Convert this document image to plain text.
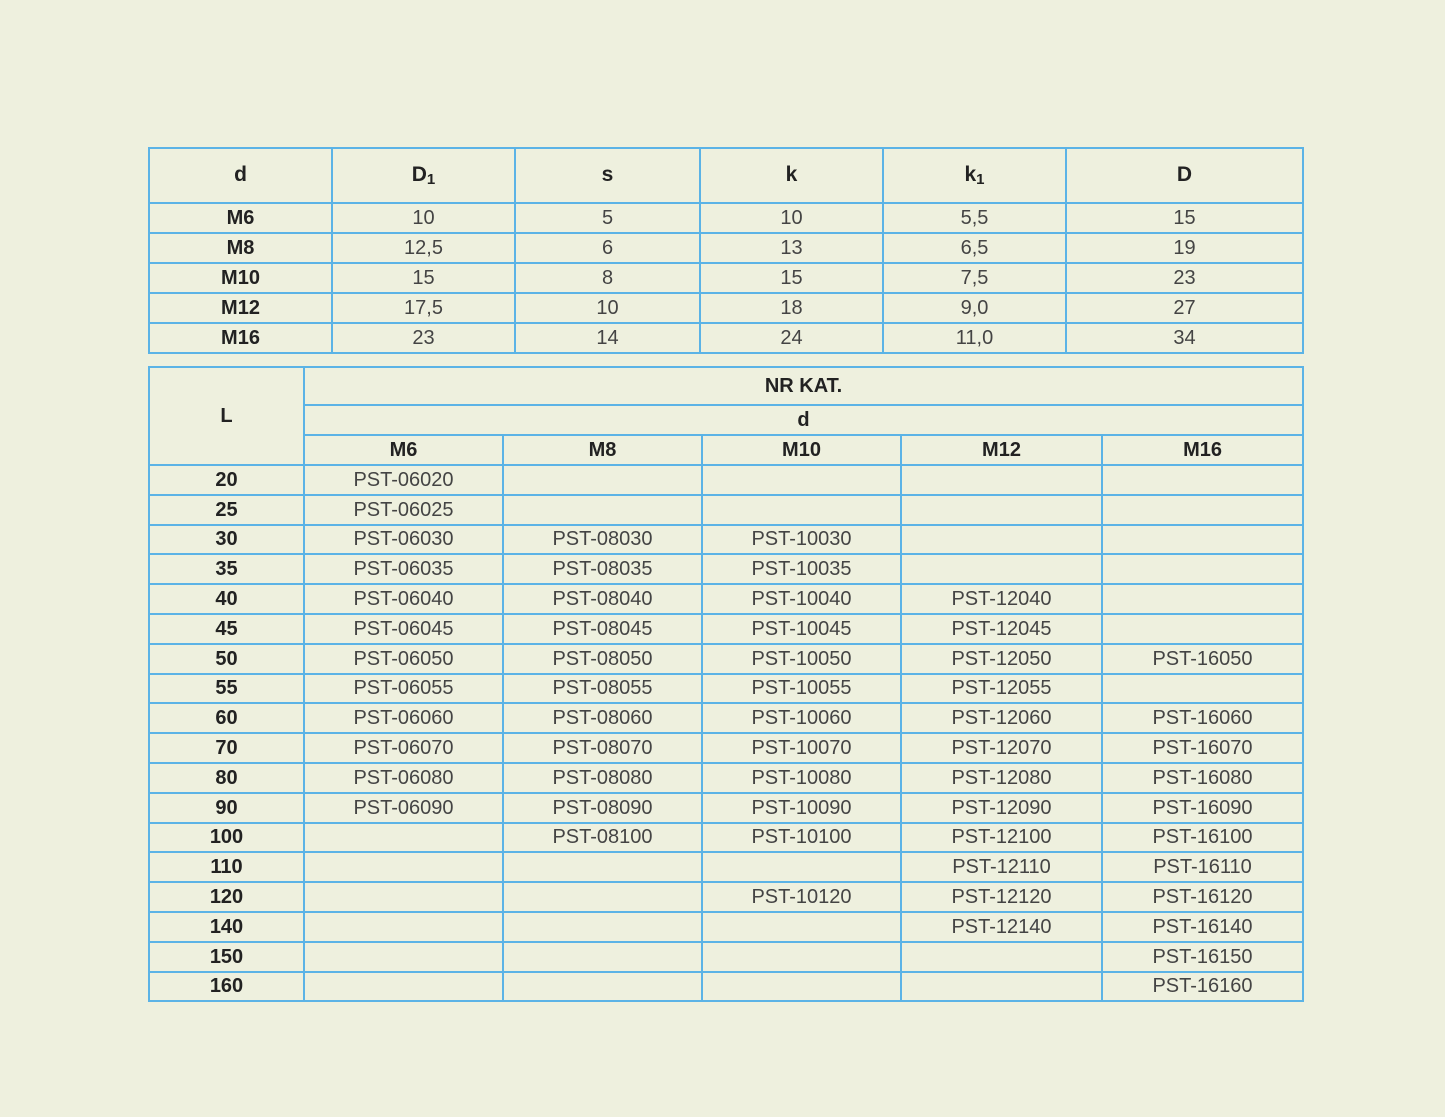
d	$D_1$	s	k	$k_1$	D
M6	10	5	10	5,5	15
M8	12,5	6	13	6,5	19
M10	15	8	15	7,5	23
M12	17,5	10	18	9,0	27
M16	23	14	24	11,0	34
L	NR KAT.				
	d				
	M6	M8	M10	M12	M16
20	PST-06020				
25	PST-06025				
30	PST-06030	PST-08030	PST-10030		
35	PST-06035	PST-08035	PST-10035		
40	PST-06040	PST-08040	PST-10040	PST-12040	
45	PST-06045	PST-08045	PST-10045	PST-12045	
50	PST-06050	PST-08050	PST-10050	PST-12050	PST-16050
55	PST-06055	PST-08055	PST-10055	PST-12055	
60	PST-06060	PST-08060	PST-10060	PST-12060	PST-16060
70	PST-06070	PST-08070	PST-10070	PST-12070	PST-16070
80	PST-06080	PST-08080	PST-10080	PST-12080	PST-16080
90	PST-06090	PST-08090	PST-10090	PST-12090	PST-16090
100		PST-08100	PST-10100	PST-12100	PST-16100
110				PST-12110	PST-16110
120			PST-10120	PST-12120	PST-16120
140				PST-12140	PST-16140
150					PST-16150
160					PST-16160
